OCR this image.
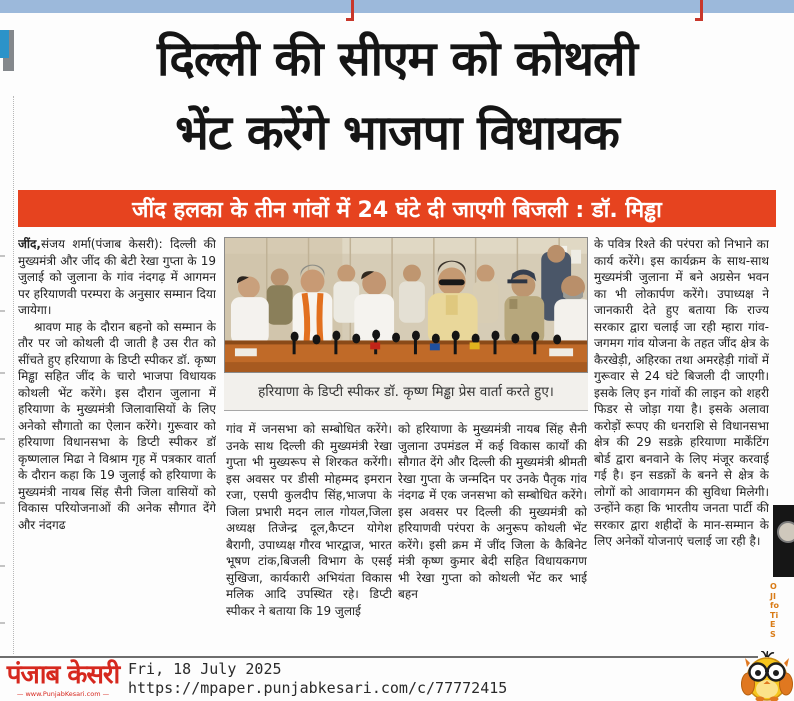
दिल्ली की सीएम को कोथली
भेंट करेंगे भाजपा विधायक
जींद हलका के तीन गांवों में 24 घंटे दी जाएगी बिजली : डॉ. मिड्ढा

जींद,संजय शर्मा(पंजाब केसरी): दिल्ली की मुख्यमंत्री और जींद की बेटी रेखा गुप्ता के 19 जुलाई को जुलाना के गांव नंदगढ़ में आगमन पर हरियाणवी परम्परा के अनुसार सम्मान दिया जायेगा।

श्रावण माह के दौरान बहनो को सम्मान के तौर पर जो कोथली दी जाती है उस रीत को सींचते हुए हरियाणा के डिप्टी स्पीकर डॉ. कृष्ण मिड्ढा सहित जींद के चारो भाजपा विधायक कोथली भेंट करेंगे। इस दौरान जुलाना में हरियाणा के मुख्यमंत्री जिलावासियों के लिए अनेको सौगातो का ऐलान करेंगे। गुरूवार को हरियाणा विधानसभा के डिप्टी स्पीकर डॉ कृष्णलाल मिढा ने विश्राम गृह में पत्रकार वार्ता के दौरान कहा कि 19 जुलाई को हरियाणा के मुख्यमंत्री नायब सिंह सैनी जिला वासियों को विकास परियोजनाओं की अनेक सौगात देंगे और नंदगढ

हरियाणा के डिप्टी स्पीकर डॉ. कृष्ण मिड्ढा प्रेस वार्ता करते हुए।
गांव में जनसभा को सम्बोधित करेंगे। उनके साथ दिल्ली की मुख्यमंत्री रेखा गुप्ता भी मुख्यरूप से शिरकत करेंगी। इस अवसर पर डीसी मोहम्मद इमरान रजा, एसपी कुलदीप सिंह,भाजपा के जिला प्रभारी मदन लाल गोयल,जिला अध्यक्ष तिजेन्द्र दूल,कैप्टन योगेश बैरागी, उपाध्यक्ष गौरव भारद्वाज, भारत भूषण टांक,बिजली विभाग के एसई सुखिजा, कार्यकारी अभियंता विकास मलिक आदि उपस्थित रहे। डिप्टी स्पीकर ने बताया कि 19 जुलाई
को हरियाणा के मुख्यमंत्री नायब सिंह सैनी जुलाना उपमंडल में कई विकास कार्यों की सौगात देंगे और दिल्ली की मुख्यमंत्री श्रीमती रेखा गुप्ता के जन्मदिन पर उनके पैतृक गांव नंदगढ में एक जनसभा को सम्बोधित करेंगे। इस अवसर पर दिल्ली की मुख्यमंत्री को हरियाणवी परंपरा के अनुरूप कोथली भेंट करेंगे। इसी क्रम में जींद जिला के कैबिनेट मंत्री कृष्ण कुमार बेदी सहित विधायकगण भी रेखा गुप्ता को कोथली भेंट कर भाई बहन
के पवित्र रिश्ते की परंपरा को निभाने का कार्य करेंगे। इस कार्यक्रम के साथ-साथ मुख्यमंत्री जुलाना में बने अग्रसेन भवन का भी लोकार्पण करेंगे। उपाध्यक्ष ने जानकारी देते हुए बताया कि राज्य सरकार द्वारा चलाई जा रही म्हारा गांव-जगमग गांव योजना के तहत जींद क्षेत्र के कैरखेड़ी, अहिरका तथा अमरहेड़ी गांवों में गुरूवार से 24 घंटे बिजली दी जाएगी। इसके लिए इन गांवों की लाइन को शहरी फिडर से जोड़ा गया है। इसके अलावा करोड़ों रूपए की धनराशि से विधानसभा क्षेत्र की 29 सडक़े हरियाणा मार्केंटिंग बोर्ड द्वारा बनवाने के लिए मंजूर करवाई गई है। इन सडक़ों के बनने से क्षेत्र के लोगों को आवागमन की सुविधा मिलेगी। उन्होंने कहा कि भारतीय जनता पार्टी की सरकार द्वारा शहीदों के मान-सम्मान के लिए अनेकों योजनाएं चलाई जा रही है।
O
JI
fo
Ti
E
S
पंजाब केसरी
— www.PunjabKesari.com —
Fri, 18 July 2025
https://mpaper.punjabkesari.com/c/77772415
